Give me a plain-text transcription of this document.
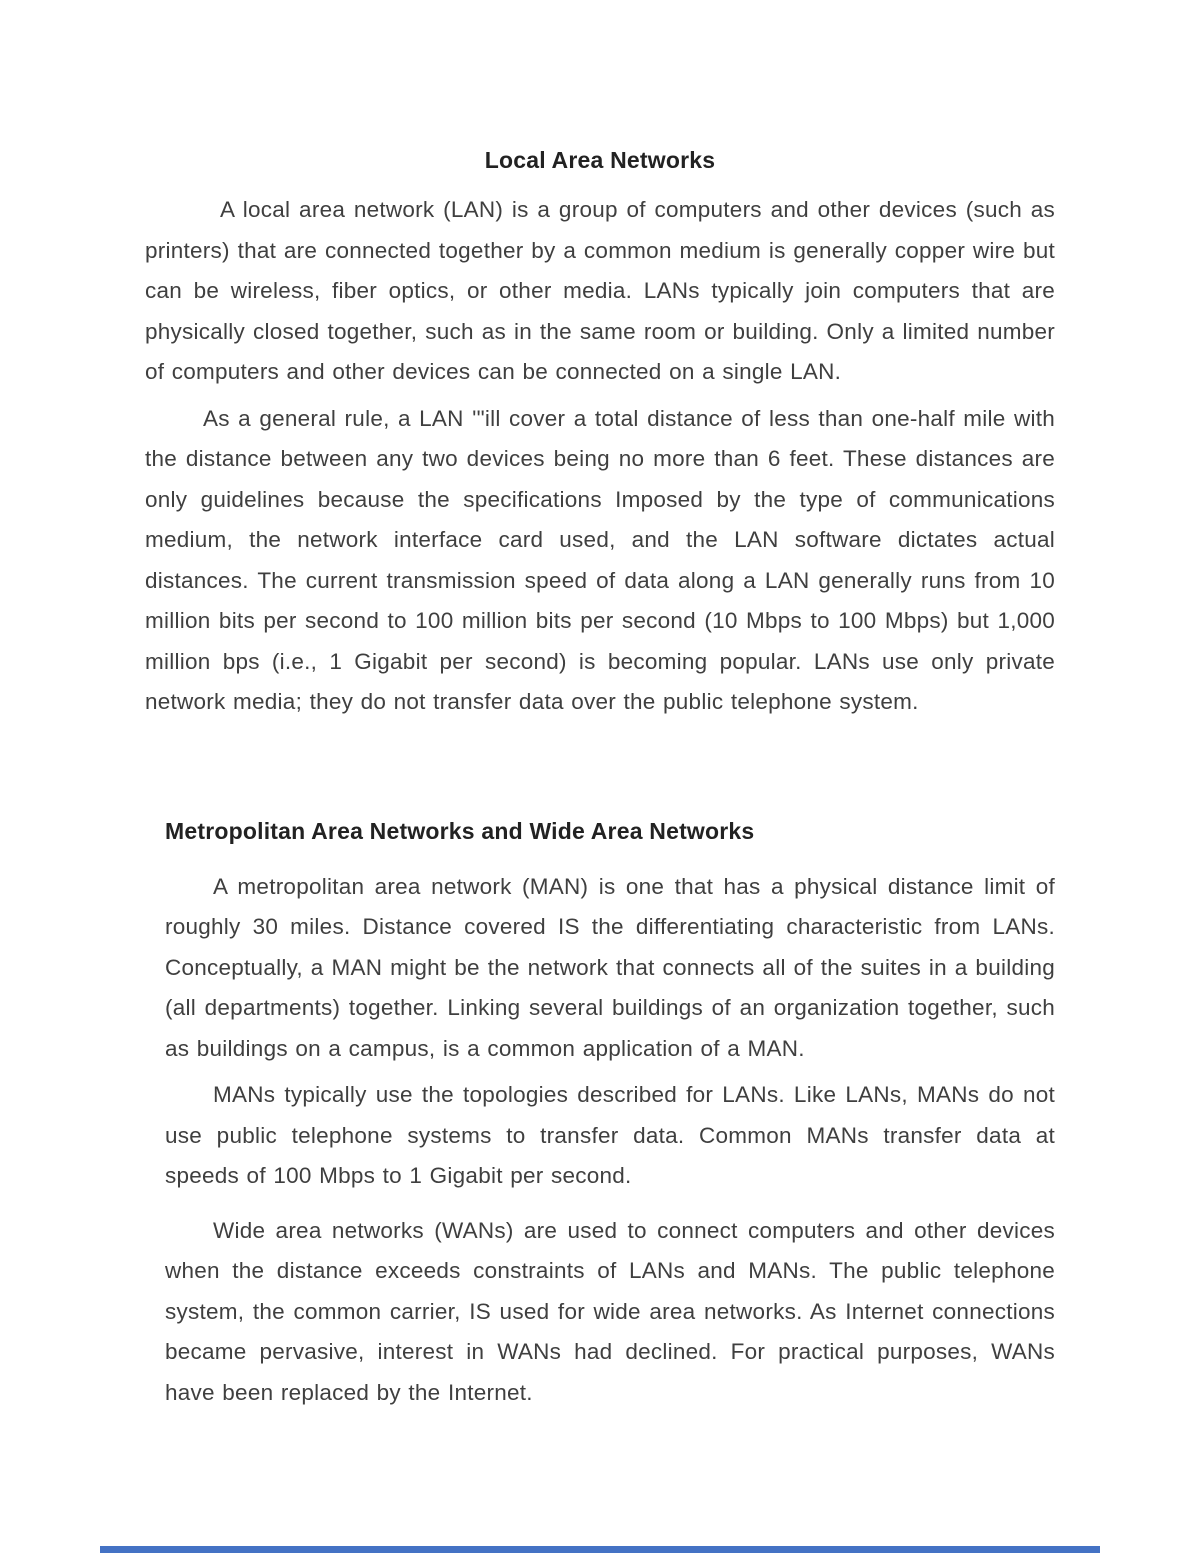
Local Area Networks

A local area network (LAN) is a group of computers and other devices (such as printers) that are connected together by a common medium is generally copper wire but can be wireless, fiber optics, or other media. LANs typically join computers that are physically closed together, such as in the same room or building. Only a limited number of computers and other devices can be connected on a single LAN.

As a general rule, a LAN '"ill cover a total distance of less than one-half mile with the distance between any two devices being no more than 6 feet. These distances are only guidelines because the specifications Imposed by the type of communications medium, the network interface card used, and the LAN software dictates actual distances. The current transmission speed of data along a LAN generally runs from 10 million bits per second to 100 million bits per second (10 Mbps to 100 Mbps) but 1,000 million bps (i.e., 1 Gigabit per second) is becoming popular. LANs use only private network media; they do not transfer data over the public telephone system.

Metropolitan Area Networks and Wide Area Networks

A metropolitan area network (MAN) is one that has a physical distance limit of roughly 30 miles. Distance covered IS the differentiating characteristic from LANs. Conceptually, a MAN might be the network that connects all of the suites in a building (all departments) together. Linking several buildings of an organization together, such as buildings on a campus, is a common application of a MAN.

MANs typically use the topologies described for LANs. Like LANs, MANs do not use public telephone systems to transfer data. Common MANs transfer data at speeds of 100 Mbps to 1 Gigabit per second.

Wide area networks (WANs) are used to connect computers and other devices when the distance exceeds constraints of LANs and MANs. The public telephone system, the common carrier, IS used for wide area networks. As Internet connections became pervasive, interest in WANs had declined. For practical purposes, WANs have been replaced by the Internet.
